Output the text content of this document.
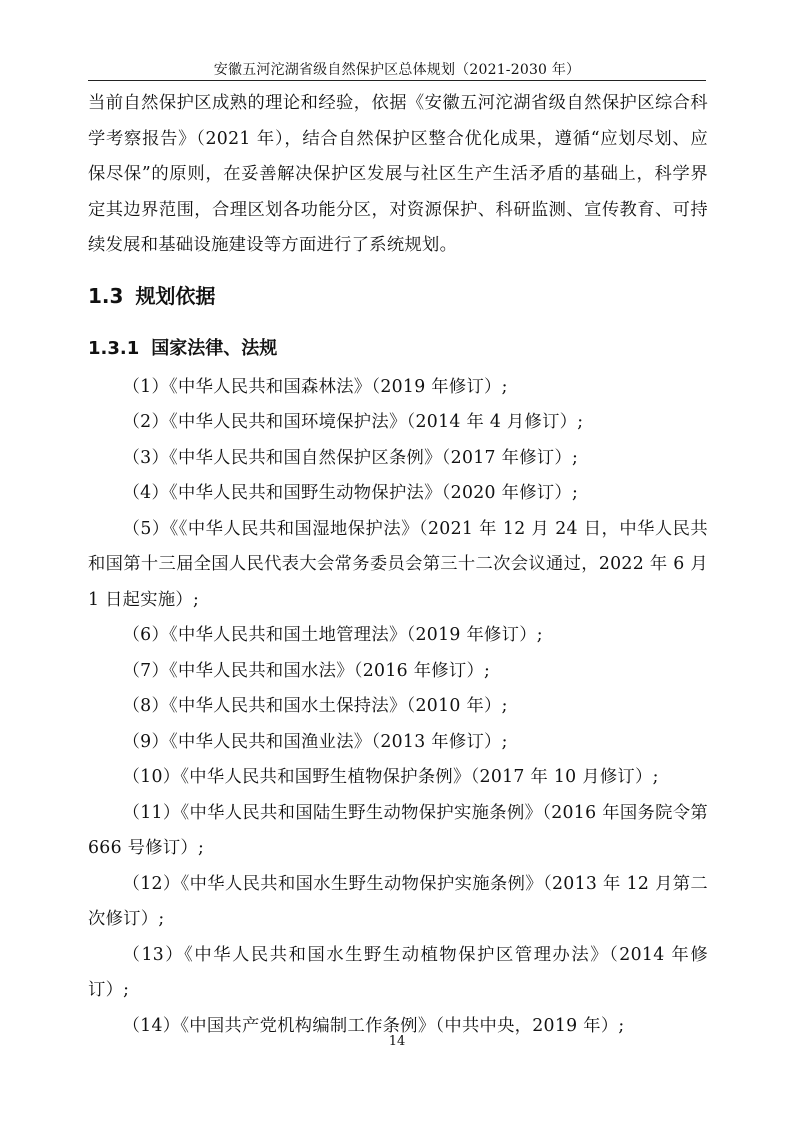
安徽五河沱湖省级自然保护区总体规划（2021-2030 年）

当前自然保护区成熟的理论和经验，依据《安徽五河沱湖省级自然保护区综合科学考察报告》（2021 年），结合自然保护区整合优化成果，遵循“应划尽划、应保尽保”的原则，在妥善解决保护区发展与社区生产生活矛盾的基础上，科学界定其边界范围，合理区划各功能分区，对资源保护、科研监测、宣传教育、可持续发展和基础设施建设等方面进行了系统规划。

1.3 规划依据
1.3.1 国家法律、法规

（1）《中华人民共和国森林法》（2019 年修订）;

（2）《中华人民共和国环境保护法》（2014 年 4 月修订）;

（3）《中华人民共和国自然保护区条例》（2017 年修订）;

（4）《中华人民共和国野生动物保护法》（2020 年修订）;

（5）《《中华人民共和国湿地保护法》（2021 年 12 月 24 日，中华人民共和国第十三届全国人民代表大会常务委员会第三十二次会议通过，2022 年 6 月 1 日起实施）;

（6）《中华人民共和国土地管理法》（2019 年修订）;

（7）《中华人民共和国水法》（2016 年修订）;

（8）《中华人民共和国水土保持法》（2010 年）;

（9）《中华人民共和国渔业法》（2013 年修订）;

（10）《中华人民共和国野生植物保护条例》（2017 年 10 月修订）;

（11）《中华人民共和国陆生野生动物保护实施条例》（2016 年国务院令第 666 号修订）;

（12）《中华人民共和国水生野生动物保护实施条例》（2013 年 12 月第二次修订）;

（13）《中华人民共和国水生野生动植物保护区管理办法》（2014 年修订）;

（14）《中国共产党机构编制工作条例》（中共中央，2019 年）;

14
